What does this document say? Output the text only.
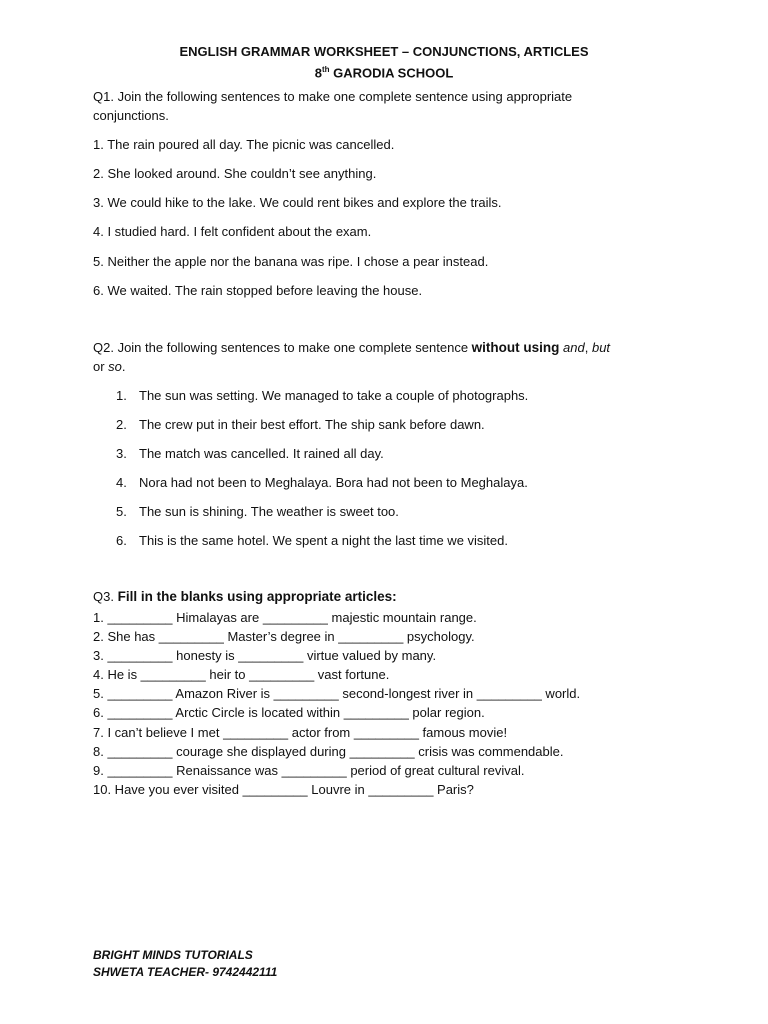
ENGLISH GRAMMAR WORKSHEET – CONJUNCTIONS, ARTICLES
8th GARODIA SCHOOL
Q1. Join the following sentences to make one complete sentence using appropriate
conjunctions.
1. The rain poured all day. The picnic was cancelled.
2. She looked around. She couldn’t see anything.
3. We could hike to the lake. We could rent bikes and explore the trails.
4. I studied hard. I felt confident about the exam.
5. Neither the apple nor the banana was ripe. I chose a pear instead.
6. We waited. The rain stopped before leaving the house.
Q2. Join the following sentences to make one complete sentence without using and, but
or so.
1. The sun was setting. We managed to take a couple of photographs.
2. The crew put in their best effort. The ship sank before dawn.
3. The match was cancelled. It rained all day.
4. Nora had not been to Meghalaya. Bora had not been to Meghalaya.
5. The sun is shining. The weather is sweet too.
6. This is the same hotel. We spent a night the last time we visited.
Q3. Fill in the blanks using appropriate articles:
1. _________ Himalayas are _________ majestic mountain range.
2. She has _________ Master’s degree in _________ psychology.
3. _________ honesty is _________ virtue valued by many.
4. He is _________ heir to _________ vast fortune.
5. _________ Amazon River is _________ second-longest river in _________ world.
6. _________ Arctic Circle is located within _________ polar region.
7. I can’t believe I met _________ actor from _________ famous movie!
8. _________ courage she displayed during _________ crisis was commendable.
9. _________ Renaissance was _________ period of great cultural revival.
10. Have you ever visited _________ Louvre in _________ Paris?
BRIGHT MINDS TUTORIALS
SHWETA TEACHER- 9742442111
